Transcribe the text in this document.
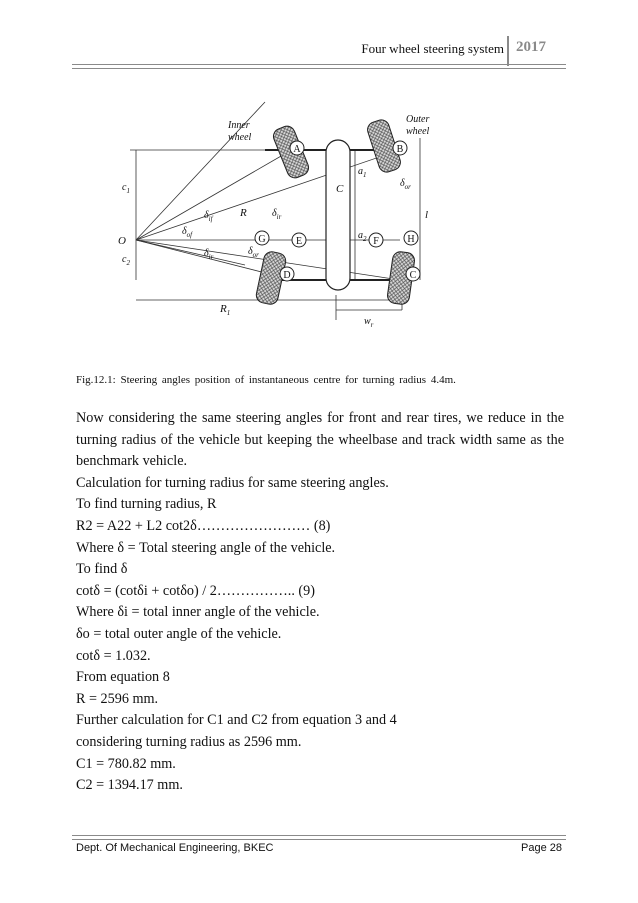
Four wheel steering system 2017
A	B
C
D
E	F
G	H
Inner
wheel
Outer
wheel
O
C
R
$R_1$
$c_1$
$c_2$
$a_1$
$a_2$
l
$w_r$
$\delta_{if}$
$\delta_{of}$
$\delta_{ir}$
$\delta_{or}$
$\delta_{ir}$	$\delta_{or}$
Fig.12.1: Steering angles position of instantaneous centre for turning radius 4.4m.

Now considering the same steering angles for front and rear tires, we reduce in the turning radius of the vehicle but keeping the wheelbase and track width same as the benchmark vehicle.

Calculation for turning radius for same steering angles.

To find turning radius, R

R2 = A22 + L2 cot2δ…………………… (8)

Where δ = Total steering angle of the vehicle.

To find δ

cotδ = (cotδi + cotδo) / 2…………….. (9)

Where δi = total inner angle of the vehicle.

δo = total outer angle of the vehicle.

cotδ = 1.032.

From equation 8

R = 2596 mm.

Further calculation for C1 and C2 from equation 3 and 4

considering turning radius as 2596 mm.

C1 = 780.82 mm.

C2 = 1394.17 mm.

Dept. Of Mechanical Engineering, BKEC	Page 28
